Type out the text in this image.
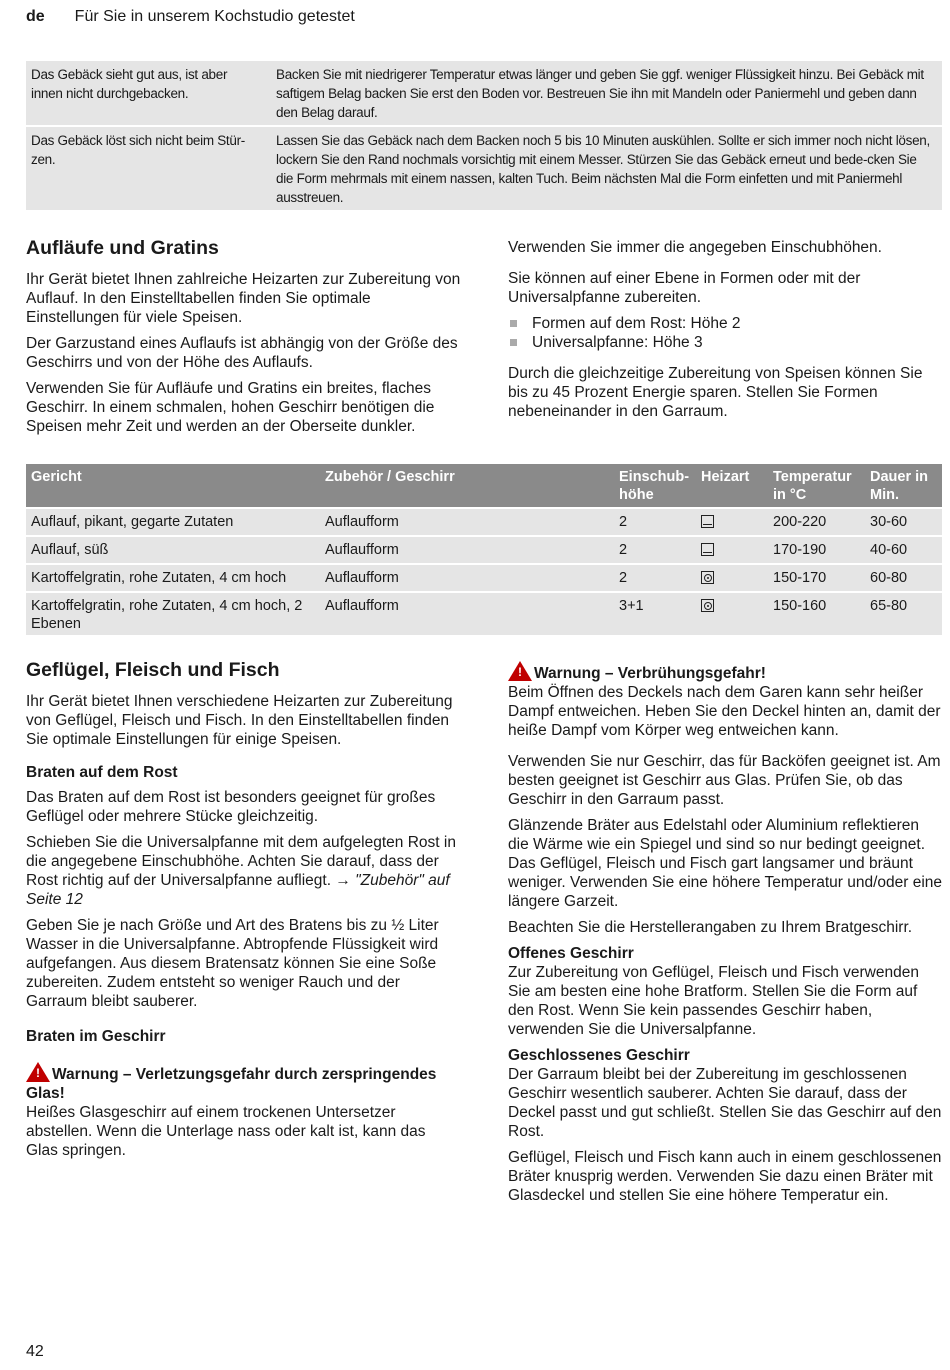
de Für Sie in unserem Kochstudio getestet
Das Gebäck sieht gut aus, ist aber innen nicht durchgebacken.	Backen Sie mit niedrigerer Temperatur etwas länger und geben Sie ggf. weniger Flüssigkeit hinzu. Bei Gebäck mit saftigem Belag backen Sie erst den Boden vor. Bestreuen Sie ihn mit Mandeln oder Paniermehl und geben dann den Belag darauf.
Das Gebäck löst sich nicht beim Stür-zen.	Lassen Sie das Gebäck nach dem Backen noch 5 bis 10 Minuten auskühlen. Sollte er sich immer noch nicht lösen, lockern Sie den Rand nochmals vorsichtig mit einem Messer. Stürzen Sie das Gebäck erneut und bede-cken Sie die Form mehrmals mit einem nassen, kalten Tuch. Beim nächsten Mal die Form einfetten und mit Paniermehl ausstreuen.
Aufläufe und Gratins

Ihr Gerät bietet Ihnen zahlreiche Heizarten zur Zubereitung von Auflauf. In den Einstelltabellen finden Sie optimale Einstellungen für viele Speisen.

Der Garzustand eines Auflaufs ist abhängig von der Größe des Geschirrs und von der Höhe des Auflaufs.

Verwenden Sie für Aufläufe und Gratins ein breites, flaches Geschirr. In einem schmalen, hohen Geschirr benötigen die Speisen mehr Zeit und werden an der Oberseite dunkler.

Verwenden Sie immer die angegeben Einschubhöhen.

Sie können auf einer Ebene in Formen oder mit der Universalpfanne zubereiten.

Formen auf dem Rost: Höhe 2
Universalpfanne: Höhe 3

Durch die gleichzeitige Zubereitung von Speisen können Sie bis zu 45 Prozent Energie sparen. Stellen Sie Formen nebeneinander in den Garraum.

Gericht	Zubehör / Geschirr	Einschub-höhe	Heizart	Temperatur in °C	Dauer in Min.
Auflauf, pikant, gegarte Zutaten	Auflaufform	2		200-220	30-60
Auflauf, süß	Auflaufform	2		170-190	40-60
Kartoffelgratin, rohe Zutaten, 4 cm hoch	Auflaufform	2		150-170	60-80
Kartoffelgratin, rohe Zutaten, 4 cm hoch, 2 Ebenen	Auflaufform	3+1		150-160	65-80
Geflügel, Fleisch und Fisch

Ihr Gerät bietet Ihnen verschiedene Heizarten zur Zubereitung von Geflügel, Fleisch und Fisch. In den Einstelltabellen finden Sie optimale Einstellungen für einige Speisen.

Braten auf dem Rost

Das Braten auf dem Rost ist besonders geeignet für großes Geflügel oder mehrere Stücke gleichzeitig.

Schieben Sie die Universalpfanne mit dem aufgelegten Rost in die angegebene Einschubhöhe. Achten Sie darauf, dass der Rost richtig auf der Universalpfanne aufliegt. → "Zubehör" auf Seite 12

Geben Sie je nach Größe und Art des Bratens bis zu ½ Liter Wasser in die Universalpfanne. Abtropfende Flüssigkeit wird aufgefangen. Aus diesem Bratensatz können Sie eine Soße zubereiten. Zudem entsteht so weniger Rauch und der Garraum bleibt sauberer.

Braten im Geschirr
! Warnung – Verletzungsgefahr durch zerspringendes Glas!

Heißes Glasgeschirr auf einem trockenen Untersetzer abstellen. Wenn die Unterlage nass oder kalt ist, kann das Glas springen.

! Warnung – Verbrühungsgefahr!

Beim Öffnen des Deckels nach dem Garen kann sehr heißer Dampf entweichen. Heben Sie den Deckel hinten an, damit der heiße Dampf vom Körper weg entweichen kann.

Verwenden Sie nur Geschirr, das für Backöfen geeignet ist. Am besten geeignet ist Geschirr aus Glas. Prüfen Sie, ob das Geschirr in den Garraum passt.

Glänzende Bräter aus Edelstahl oder Aluminium reflektieren die Wärme wie ein Spiegel und sind so nur bedingt geeignet. Das Geflügel, Fleisch und Fisch gart langsamer und bräunt weniger. Verwenden Sie eine höhere Temperatur und/oder eine längere Garzeit.

Beachten Sie die Herstellerangaben zu Ihrem Bratgeschirr.

Offenes Geschirr

Zur Zubereitung von Geflügel, Fleisch und Fisch verwenden Sie am besten eine hohe Bratform. Stellen Sie die Form auf den Rost. Wenn Sie kein passendes Geschirr haben, verwenden Sie die Universalpfanne.

Geschlossenes Geschirr

Der Garraum bleibt bei der Zubereitung im geschlossenen Geschirr wesentlich sauberer. Achten Sie darauf, dass der Deckel passt und gut schließt. Stellen Sie das Geschirr auf den Rost.

Geflügel, Fleisch und Fisch kann auch in einem geschlossenen Bräter knusprig werden. Verwenden Sie dazu einen Bräter mit Glasdeckel und stellen Sie eine höhere Temperatur ein.

42
